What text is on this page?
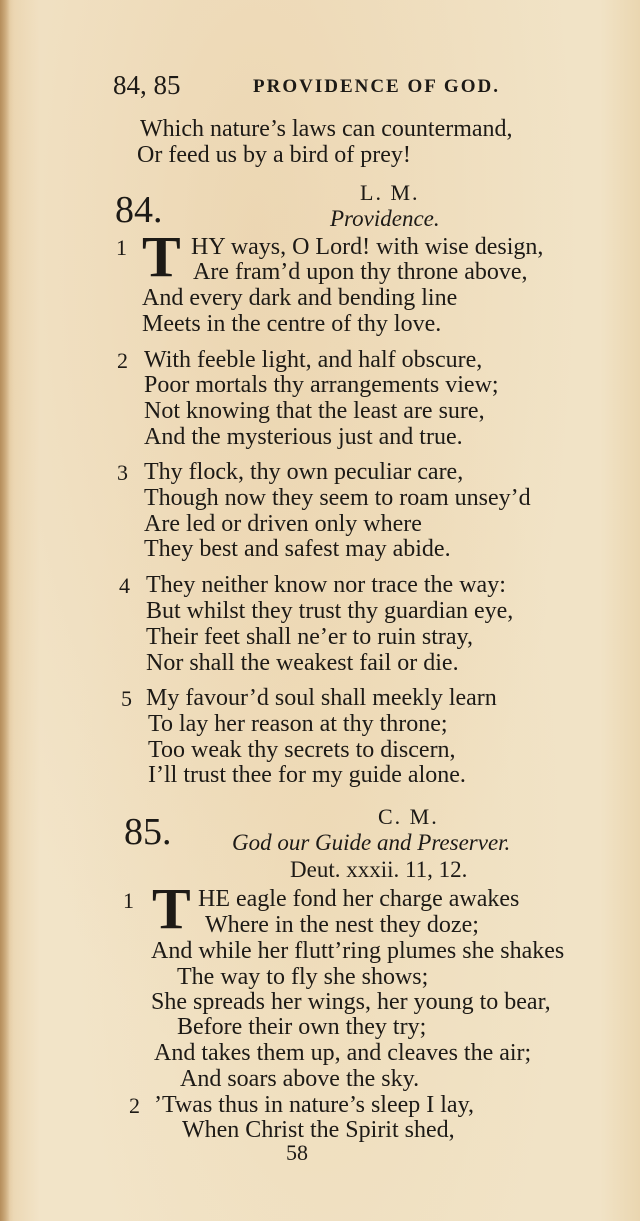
84, 85	PROVIDENCE OF GOD.
Which nature’s laws can countermand,
Or feed us by a bird of prey!
84.	L. M.
Providence.
1 T HY ways, O Lord! with wise design,
Are fram’d upon thy throne above,
And every dark and bending line
Meets in the centre of thy love.
2 With feeble light, and half obscure,
Poor mortals thy arrangements view;
Not knowing that the least are sure,
And the mysterious just and true.
3 Thy flock, thy own peculiar care,
Though now they seem to roam unsey’d
Are led or driven only where
They best and safest may abide.
4 They neither know nor trace the way:
But whilst they trust thy guardian eye,
Their feet shall ne’er to ruin stray,
Nor shall the weakest fail or die.
5 My favour’d soul shall meekly learn
To lay her reason at thy throne;
Too weak thy secrets to discern,
I’ll trust thee for my guide alone.
85.	C. M.
God our Guide and Preserver.
Deut. xxxii. 11, 12.
1 T HE eagle fond her charge awakes
Where in the nest they doze;
And while her flutt’ring plumes she shakes
The way to fly she shows;
She spreads her wings, her young to bear,
Before their own they try;
And takes them up, and cleaves the air;
And soars above the sky.
2 ’Twas thus in nature’s sleep I lay,
When Christ the Spirit shed,
58
